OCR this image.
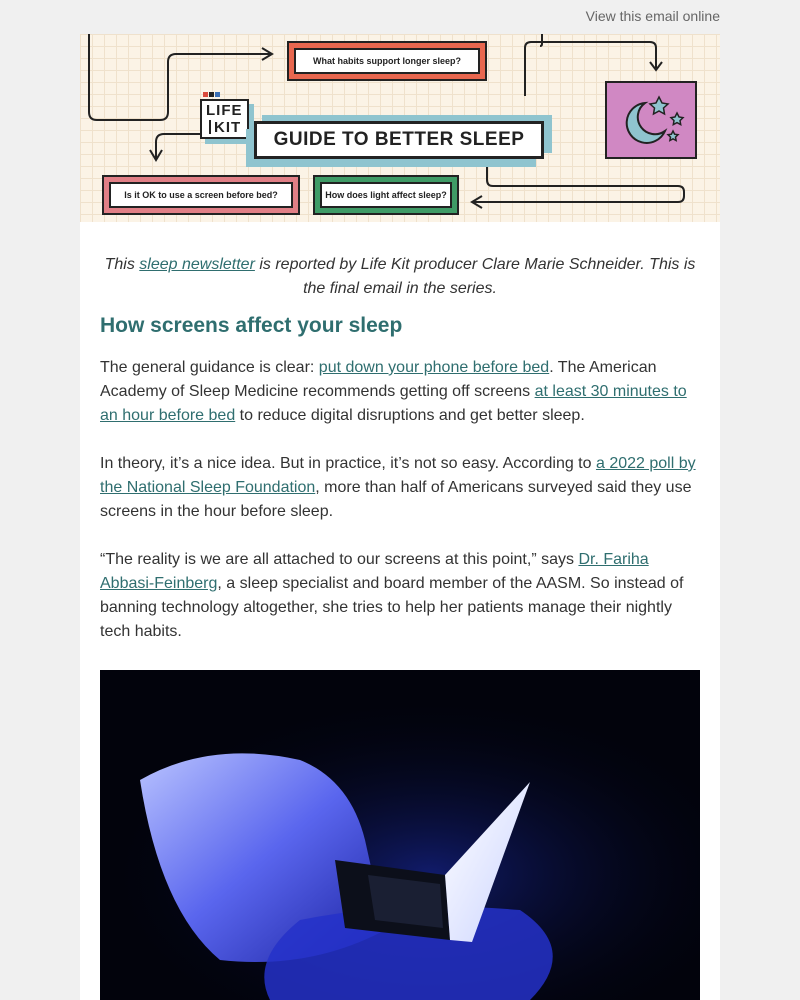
View this email online
What habits support longer sleep?
Is it OK to use a screen before bed?	How does light affect sleep?
LIFEKIT
GUIDE TO BETTER SLEEP

This sleep newsletter is reported by Life Kit producer Clare Marie Schneider. This is the final email in the series.

How screens affect your sleep

The general guidance is clear: put down your phone before bed. The American Academy of Sleep Medicine recommends getting off screens at least 30 minutes to an hour before bed to reduce digital disruptions and get better sleep.

In theory, it’s a nice idea. But in practice, it’s not so easy. According to a 2022 poll by the National Sleep Foundation, more than half of Americans surveyed said they use screens in the hour before sleep.

“The reality is we are all attached to our screens at this point,” says Dr. Fariha Abbasi-Feinberg, a sleep specialist and board member of the AASM. So instead of banning technology altogether, she tries to help her patients manage their nightly tech habits.
